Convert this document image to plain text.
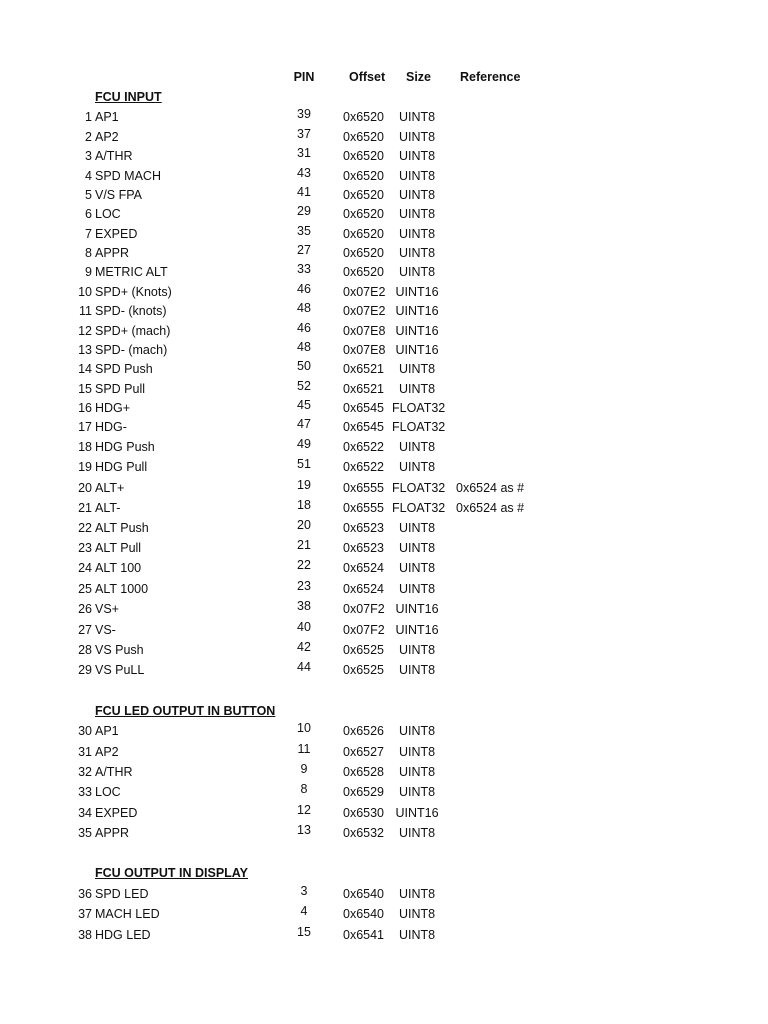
PIN	Offset Size Reference
FCU INPUT
1 AP1	39	0x6520	UINT8
2 AP2	37	0x6520	UINT8
3 A/THR	31	0x6520	UINT8
4 SPD MACH	43	0x6520	UINT8
5 V/S FPA	41	0x6520	UINT8
6 LOC	29	0x6520	UINT8
7 EXPED	35	0x6520	UINT8
8 APPR	27	0x6520	UINT8
9 METRIC ALT	33	0x6520	UINT8
10 SPD+ (Knots)	46	0x07E2 UINT16
11 SPD- (knots)	48	0x07E2 UINT16
12 SPD+ (mach)	46	0x07E8 UINT16
13 SPD- (mach)	48	0x07E8 UINT16
14 SPD Push	50	0x6521	UINT8
15 SPD Pull	52	0x6521	UINT8
16 HDG+	45	0x6545 FLOAT32
17 HDG-	47	0x6545 FLOAT32
18 HDG Push	49	0x6522	UINT8
19 HDG Pull	51	0x6522	UINT8
20 ALT+	19	0x6555 FLOAT32 0x6524 as #
21 ALT-	18	0x6555 FLOAT32 0x6524 as #
22 ALT Push	20	0x6523	UINT8
23 ALT Pull	21	0x6523	UINT8
24 ALT 100	22	0x6524	UINT8
25 ALT 1000	23	0x6524	UINT8
26 VS+	38	0x07F2 UINT16
27 VS-	40	0x07F2 UINT16
28 VS Push	42	0x6525	UINT8
29 VS PuLL	44	0x6525	UINT8
FCU LED OUTPUT IN BUTTON
30 AP1	10	0x6526	UINT8
31 AP2	11	0x6527	UINT8
32 A/THR	9	0x6528	UINT8
33 LOC	8	0x6529	UINT8
34 EXPED	12	0x6530 UINT16
35 APPR	13	0x6532	UINT8
FCU OUTPUT IN DISPLAY
36 SPD LED	3	0x6540	UINT8
37 MACH LED	4	0x6540	UINT8
38 HDG LED	15	0x6541	UINT8
